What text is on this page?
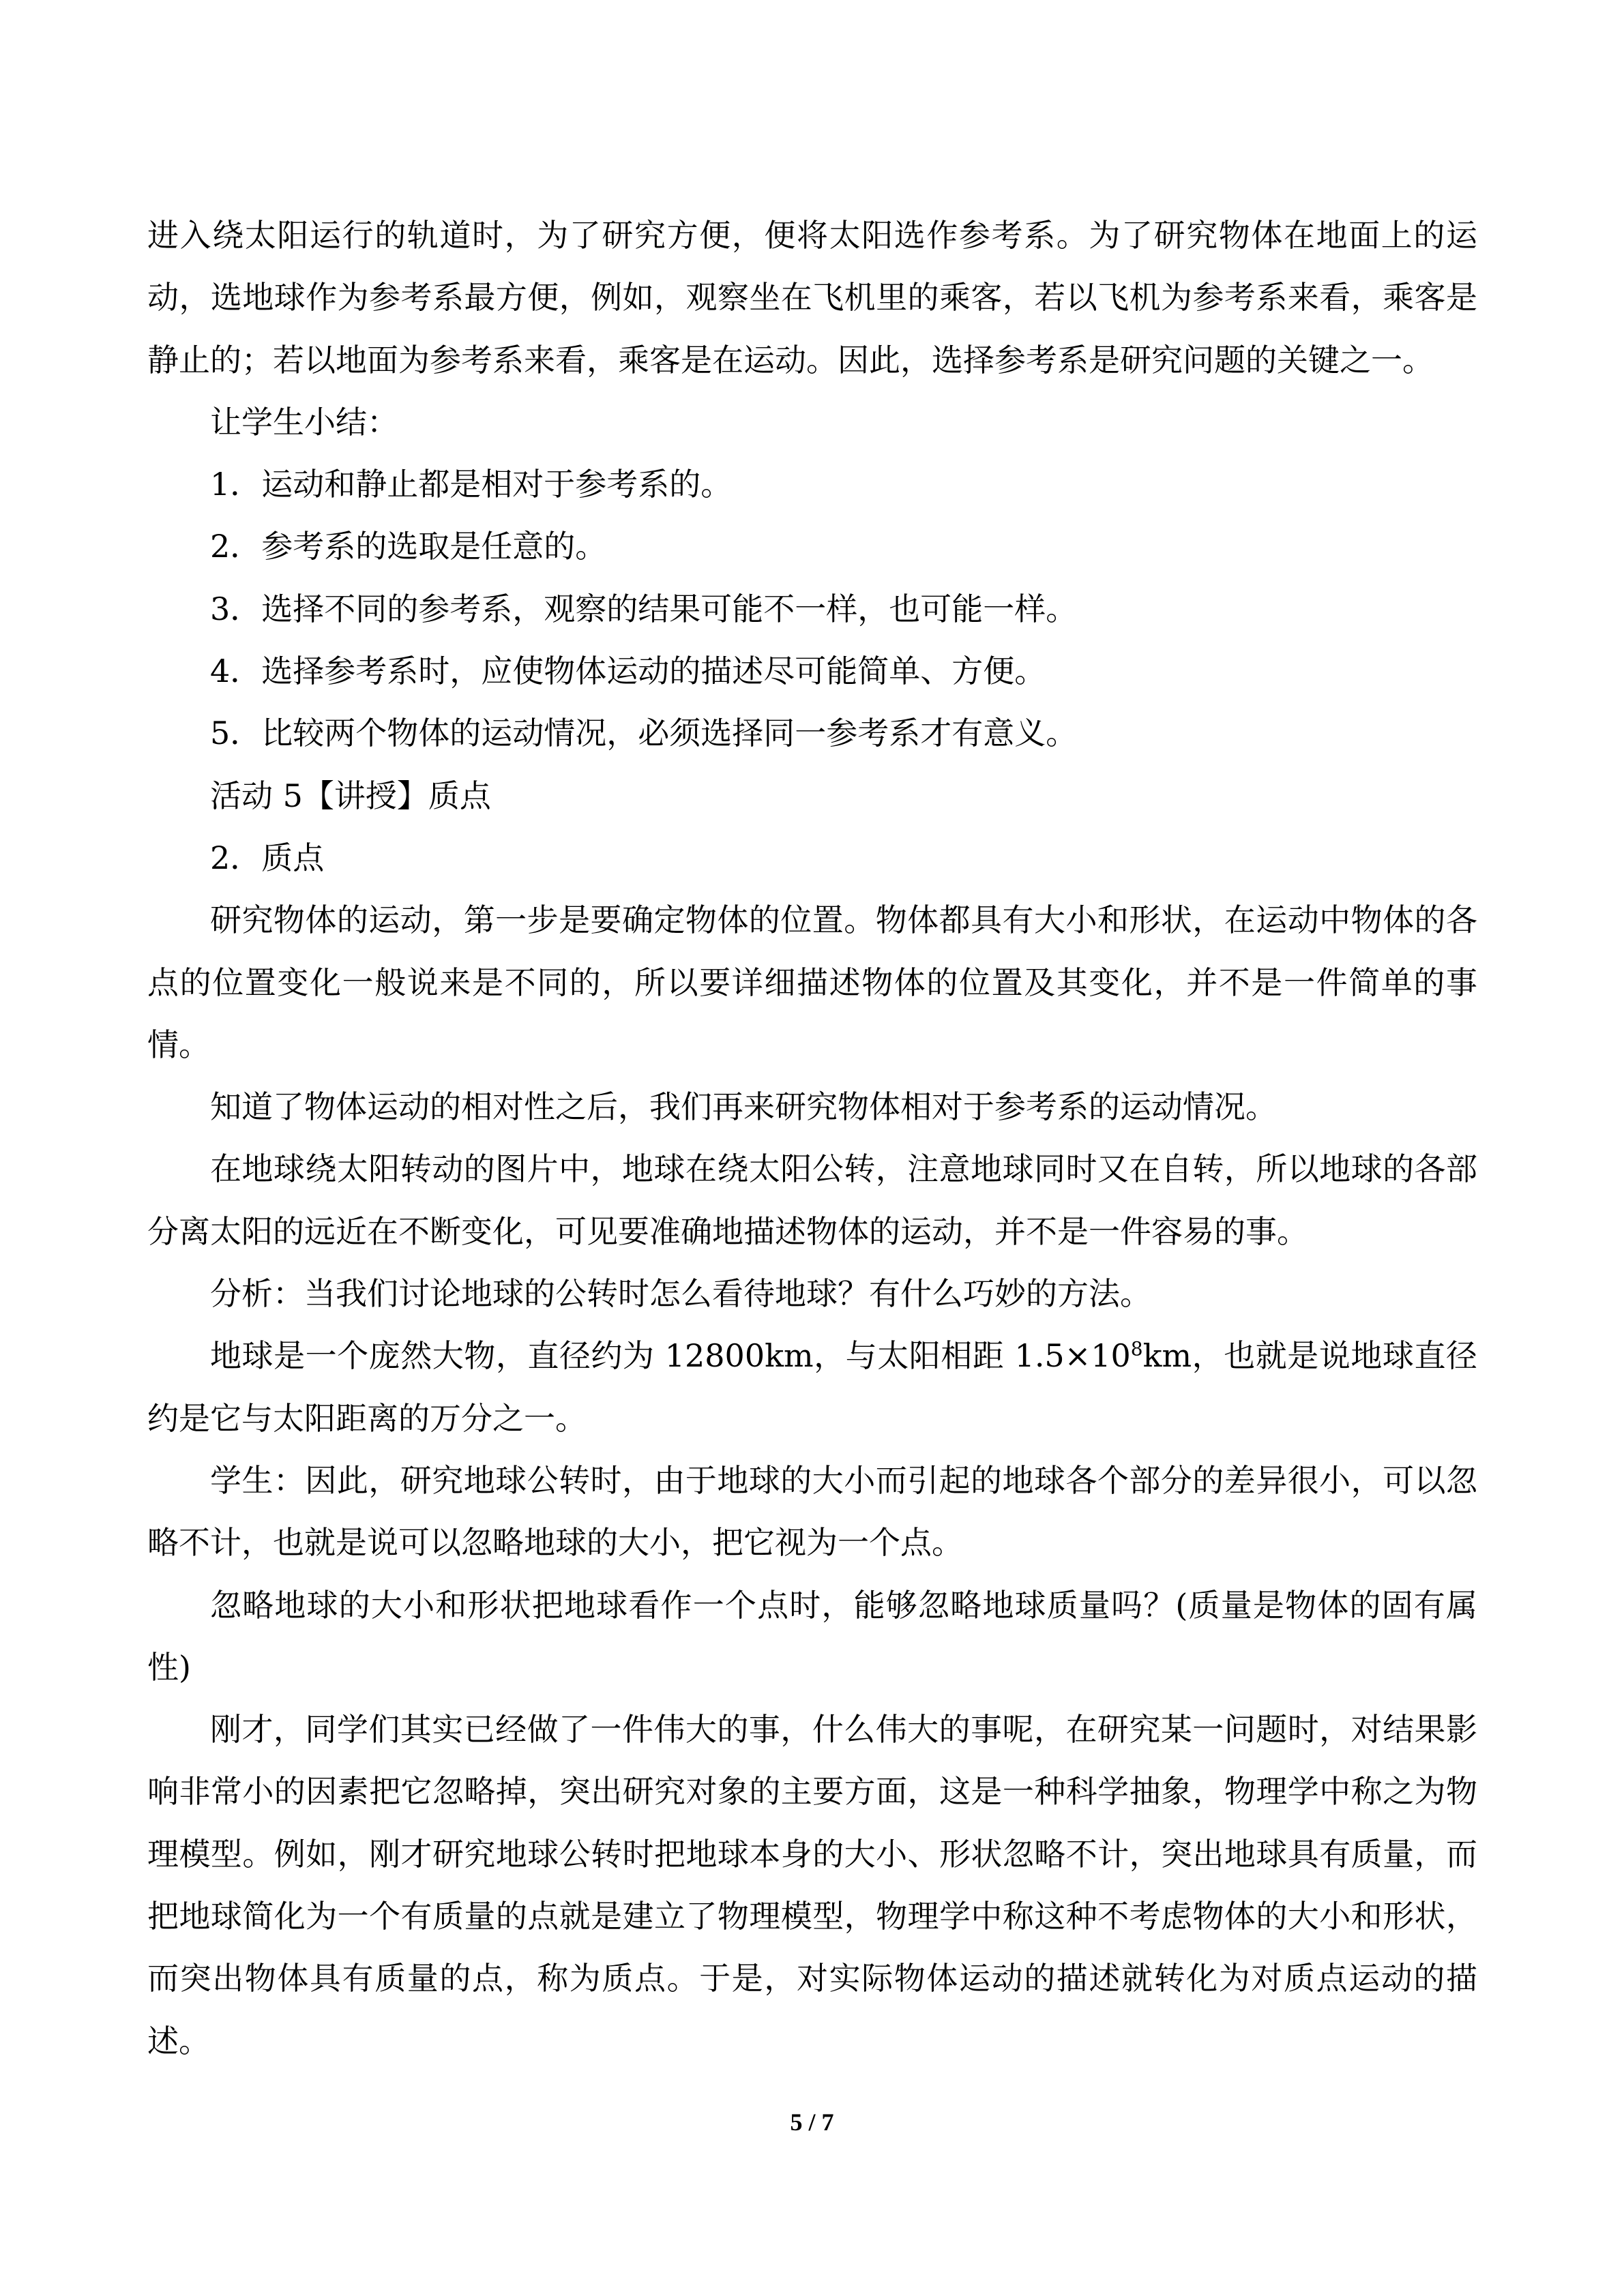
进入绕太阳运行的轨道时，为了研究方便，便将太阳选作参考系。为了研究物体在地面上的运动，选地球作为参考系最方便，例如，观察坐在飞机里的乘客，若以飞机为参考系来看，乘客是静止的；若以地面为参考系来看，乘客是在运动。因此，选择参考系是研究问题的关键之一。

让学生小结：

1．运动和静止都是相对于参考系的。

2．参考系的选取是任意的。

3．选择不同的参考系，观察的结果可能不一样，也可能一样。

4．选择参考系时，应使物体运动的描述尽可能简单、方便。

5．比较两个物体的运动情况，必须选择同一参考系才有意义。

活动 5【讲授】质点

2．质点

研究物体的运动，第一步是要确定物体的位置。物体都具有大小和形状，在运动中物体的各点的位置变化一般说来是不同的，所以要详细描述物体的位置及其变化，并不是一件简单的事情。

知道了物体运动的相对性之后，我们再来研究物体相对于参考系的运动情况。

在地球绕太阳转动的图片中，地球在绕太阳公转，注意地球同时又在自转，所以地球的各部分离太阳的远近在不断变化，可见要准确地描述物体的运动，并不是一件容易的事。

分析：当我们讨论地球的公转时怎么看待地球？有什么巧妙的方法。

地球是一个庞然大物，直径约为 12800km，与太阳相距 $1.5\times 10^8km$，也就是说地球直径约是它与太阳距离的万分之一。

学生：因此，研究地球公转时，由于地球的大小而引起的地球各个部分的差异很小，可以忽略不计，也就是说可以忽略地球的大小，把它视为一个点。

忽略地球的大小和形状把地球看作一个点时，能够忽略地球质量吗？(质量是物体的固有属性)

刚才，同学们其实已经做了一件伟大的事，什么伟大的事呢，在研究某一问题时，对结果影响非常小的因素把它忽略掉，突出研究对象的主要方面，这是一种科学抽象，物理学中称之为物理模型。例如，刚才研究地球公转时把地球本身的大小、形状忽略不计，突出地球具有质量，而把地球简化为一个有质量的点就是建立了物理模型，物理学中称这种不考虑物体的大小和形状，而突出物体具有质量的点，称为质点。于是，对实际物体运动的描述就转化为对质点运动的描述。

5 / 7
